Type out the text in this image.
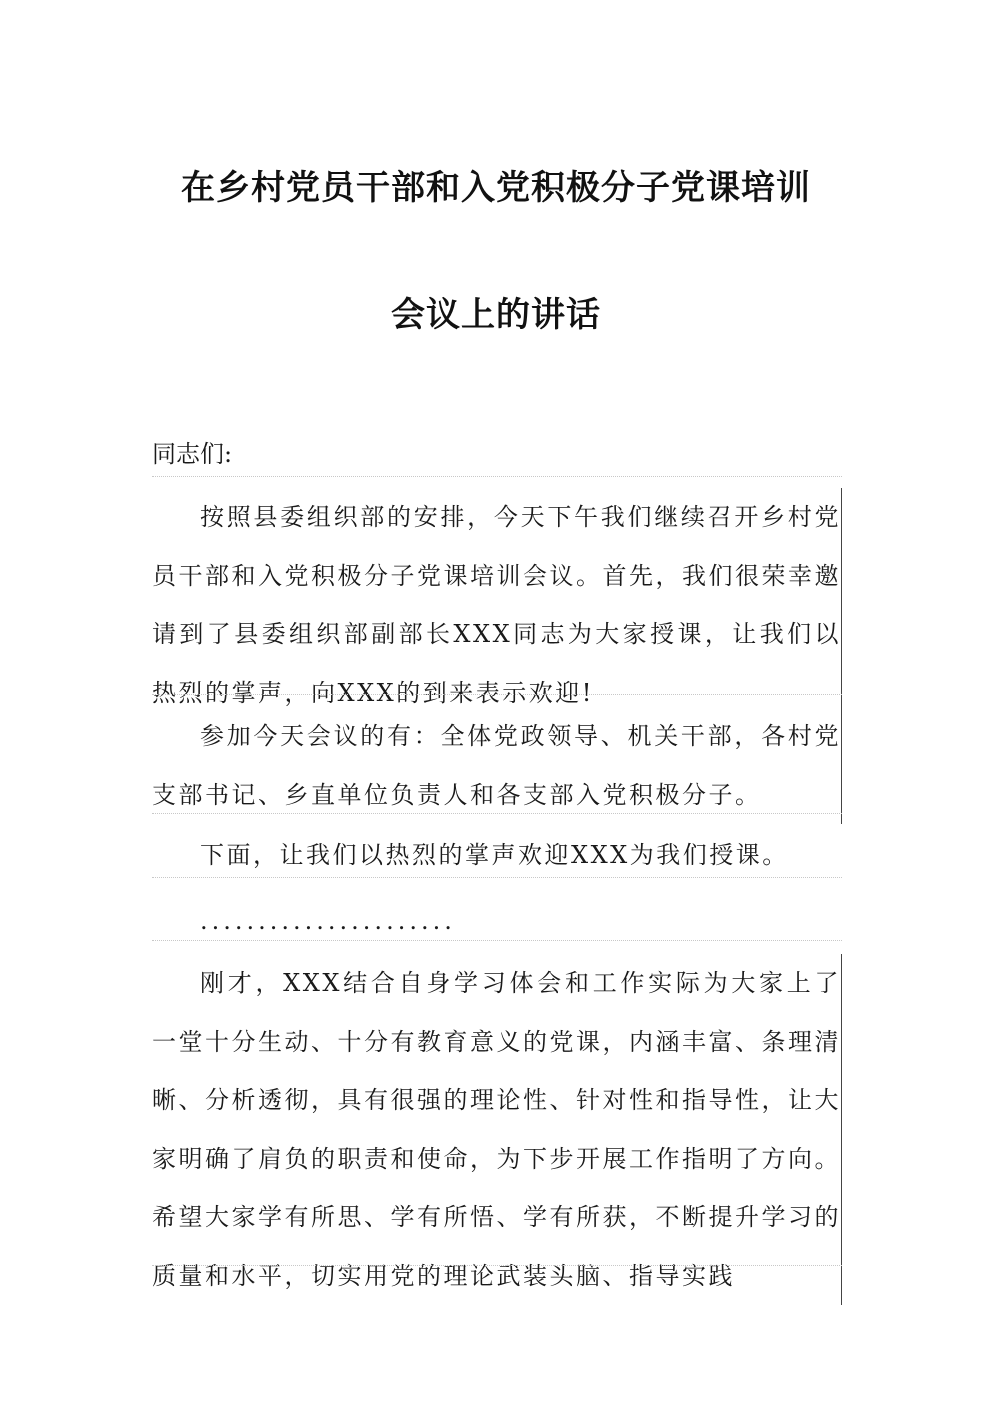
在乡村党员干部和入党积极分子党课培训
会议上的讲话
同志们:

按照县委组织部的安排，今天下午我们继续召开乡村党员干部和入党积极分子党课培训会议。首先，我们很荣幸邀请到了县委组织部副部长XXX同志为大家授课，让我们以热烈的掌声，向XXX的到来表示欢迎!

参加今天会议的有：全体党政领导、机关干部，各村党支部书记、乡直单位负责人和各支部入党积极分子。

下面，让我们以热烈的掌声欢迎XXX为我们授课。

......................

刚才，XXX结合自身学习体会和工作实际为大家上了一堂十分生动、十分有教育意义的党课，内涵丰富、条理清晰、分析透彻，具有很强的理论性、针对性和指导性，让大家明确了肩负的职责和使命，为下步开展工作指明了方向。希望大家学有所思、学有所悟、学有所获，不断提升学习的质量和水平，切实用党的理论武装头脑、指导实践
